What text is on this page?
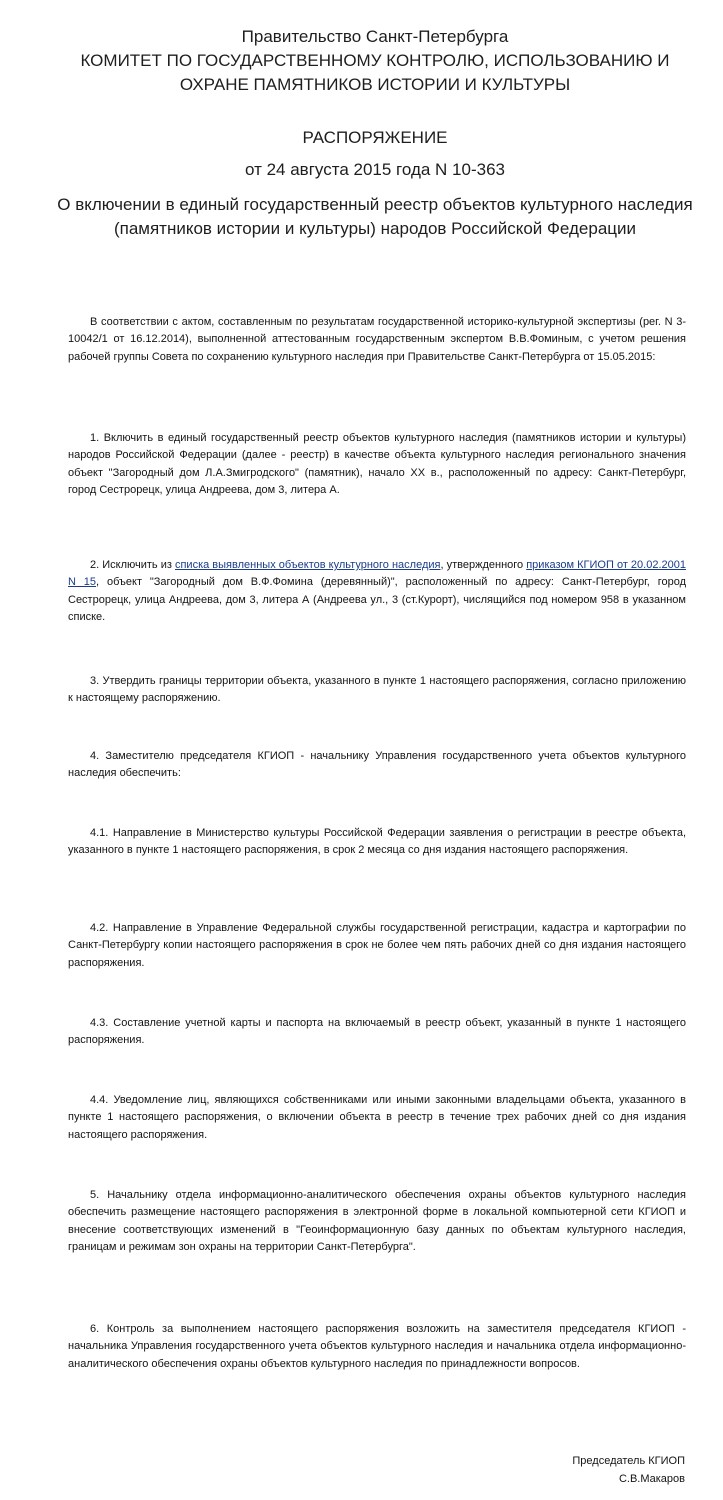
Правительство Санкт-Петербурга
КОМИТЕТ ПО ГОСУДАРСТВЕННОМУ КОНТРОЛЮ, ИСПОЛЬЗОВАНИЮ И ОХРАНЕ ПАМЯТНИКОВ ИСТОРИИ И КУЛЬТУРЫ
РАСПОРЯЖЕНИЕ
от 24 августа 2015 года N 10-363
О включении в единый государственный реестр объектов культурного наследия (памятников истории и культуры) народов Российской Федерации

В соответствии с актом, составленным по результатам государственной историко-культурной экспертизы (рег. N 3-10042/1 от 16.12.2014), выполненной аттестованным государственным экспертом В.В.Фоминым, с учетом решения рабочей группы Совета по сохранению культурного наследия при Правительстве Санкт-Петербурга от 15.05.2015:

1. Включить в единый государственный реестр объектов культурного наследия (памятников истории и культуры) народов Российской Федерации (далее - реестр) в качестве объекта культурного наследия регионального значения объект "Загородный дом Л.А.Змигродского" (памятник), начало XX в., расположенный по адресу: Санкт-Петербург, город Сестрорецк, улица Андреева, дом 3, литера А.

2. Исключить из списка выявленных объектов культурного наследия, утвержденного приказом КГИОП от 20.02.2001 N 15, объект "Загородный дом В.Ф.Фомина (деревянный)", расположенный по адресу: Санкт-Петербург, город Сестрорецк, улица Андреева, дом 3, литера А (Андреева ул., 3 (ст.Курорт), числящийся под номером 958 в указанном списке.

3. Утвердить границы территории объекта, указанного в пункте 1 настоящего распоряжения, согласно приложению к настоящему распоряжению.

4. Заместителю председателя КГИОП - начальнику Управления государственного учета объектов культурного наследия обеспечить:

4.1. Направление в Министерство культуры Российской Федерации заявления о регистрации в реестре объекта, указанного в пункте 1 настоящего распоряжения, в срок 2 месяца со дня издания настоящего распоряжения.

4.2. Направление в Управление Федеральной службы государственной регистрации, кадастра и картографии по Санкт-Петербургу копии настоящего распоряжения в срок не более чем пять рабочих дней со дня издания настоящего распоряжения.

4.3. Составление учетной карты и паспорта на включаемый в реестр объект, указанный в пункте 1 настоящего распоряжения.

4.4. Уведомление лиц, являющихся собственниками или иными законными владельцами объекта, указанного в пункте 1 настоящего распоряжения, о включении объекта в реестр в течение трех рабочих дней со дня издания настоящего распоряжения.

5. Начальнику отдела информационно-аналитического обеспечения охраны объектов культурного наследия обеспечить размещение настоящего распоряжения в электронной форме в локальной компьютерной сети КГИОП и внесение соответствующих изменений в "Геоинформационную базу данных по объектам культурного наследия, границам и режимам зон охраны на территории Санкт-Петербурга".

6. Контроль за выполнением настоящего распоряжения возложить на заместителя председателя КГИОП - начальника Управления государственного учета объектов культурного наследия и начальника отдела информационно-аналитического обеспечения охраны объектов культурного наследия по принадлежности вопросов.

Председатель КГИОП
С.В.Макаров
